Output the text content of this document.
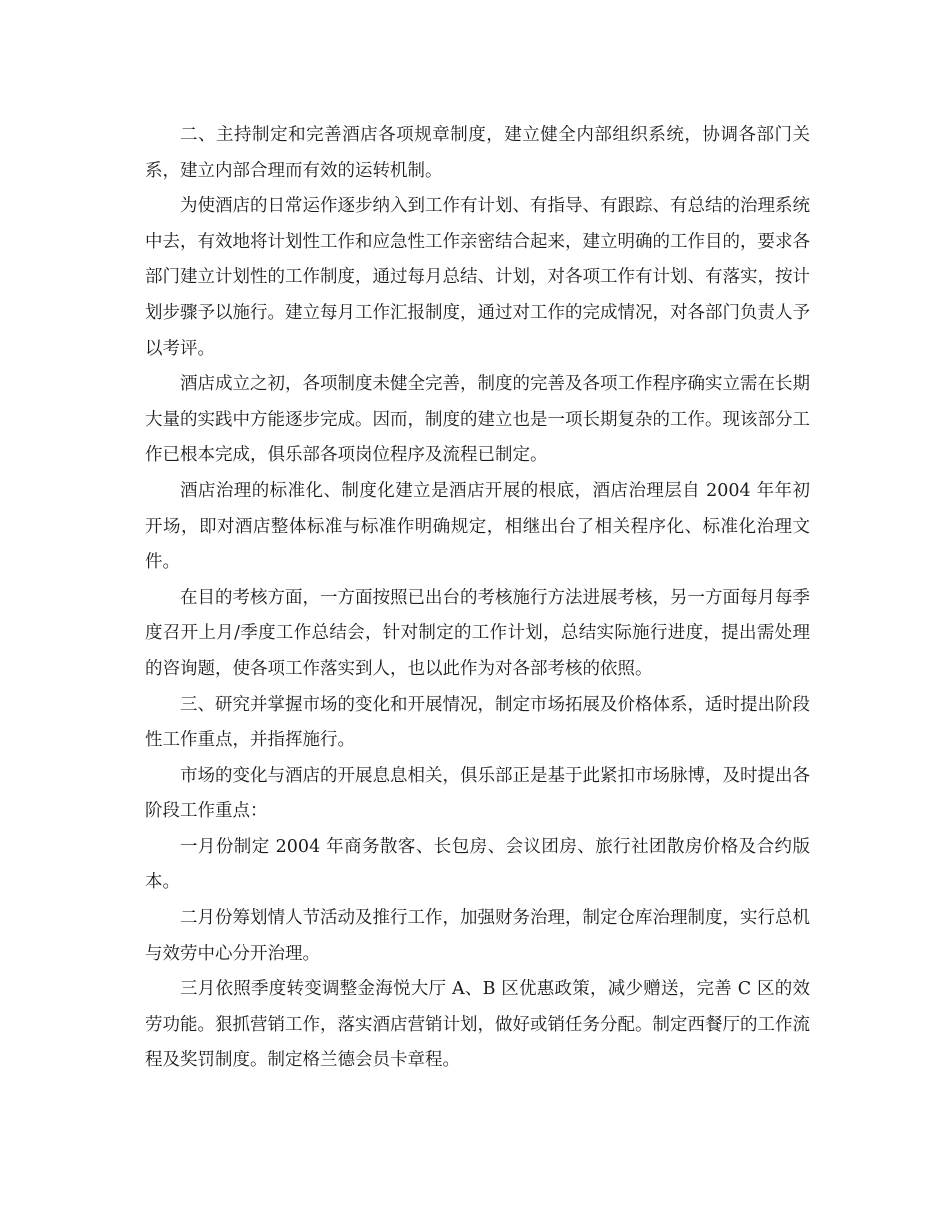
二、主持制定和完善酒店各项规章制度，建立健全内部组织系统，协调各部门关系，建立内部合理而有效的运转机制。

为使酒店的日常运作逐步纳入到工作有计划、有指导、有跟踪、有总结的治理系统中去，有效地将计划性工作和应急性工作亲密结合起来，建立明确的工作目的，要求各部门建立计划性的工作制度，通过每月总结、计划，对各项工作有计划、有落实，按计划步骤予以施行。建立每月工作汇报制度，通过对工作的完成情况，对各部门负责人予以考评。

酒店成立之初，各项制度未健全完善，制度的完善及各项工作程序确实立需在长期大量的实践中方能逐步完成。因而，制度的建立也是一项长期复杂的工作。现该部分工作已根本完成，俱乐部各项岗位程序及流程已制定。

酒店治理的标准化、制度化建立是酒店开展的根底，酒店治理层自 2004 年年初开场，即对酒店整体标准与标准作明确规定，相继出台了相关程序化、标准化治理文件。

在目的考核方面，一方面按照已出台的考核施行方法进展考核，另一方面每月每季度召开上月/季度工作总结会，针对制定的工作计划，总结实际施行进度，提出需处理的咨询题，使各项工作落实到人，也以此作为对各部考核的依照。

三、研究并掌握市场的变化和开展情况，制定市场拓展及价格体系，适时提出阶段性工作重点，并指挥施行。

市场的变化与酒店的开展息息相关，俱乐部正是基于此紧扣市场脉博，及时提出各阶段工作重点：

一月份制定 2004 年商务散客、长包房、会议团房、旅行社团散房价格及合约版本。

二月份筹划情人节活动及推行工作，加强财务治理，制定仓库治理制度，实行总机与效劳中心分开治理。

三月依照季度转变调整金海悦大厅 A、B 区优惠政策，减少赠送，完善 C 区的效劳功能。狠抓营销工作，落实酒店营销计划，做好或销任务分配。制定西餐厅的工作流程及奖罚制度。制定格兰德会员卡章程。
